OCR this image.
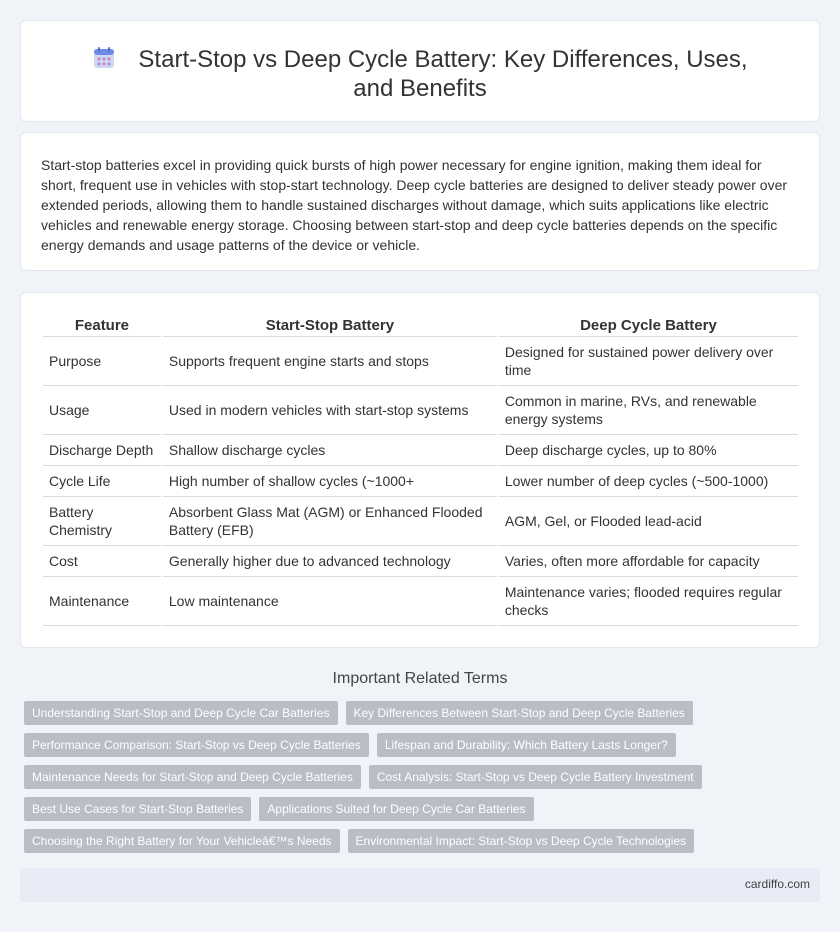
Start-Stop vs Deep Cycle Battery: Key Differences, Uses, and Benefits

Start-stop batteries excel in providing quick bursts of high power necessary for engine ignition, making them ideal for short, frequent use in vehicles with stop-start technology. Deep cycle batteries are designed to deliver steady power over extended periods, allowing them to handle sustained discharges without damage, which suits applications like electric vehicles and renewable energy storage. Choosing between start-stop and deep cycle batteries depends on the specific energy demands and usage patterns of the device or vehicle.

Feature	Start-Stop Battery	Deep Cycle Battery
Purpose	Supports frequent engine starts and stops	Designed for sustained power delivery over time
Usage	Used in modern vehicles with start-stop systems	Common in marine, RVs, and renewable energy systems
Discharge Depth	Shallow discharge cycles	Deep discharge cycles, up to 80%
Cycle Life	High number of shallow cycles (~1000+	Lower number of deep cycles (~500-1000)
Battery Chemistry	Absorbent Glass Mat (AGM) or Enhanced Flooded Battery (EFB)	AGM, Gel, or Flooded lead-acid
Cost	Generally higher due to advanced technology	Varies, often more affordable for capacity
Maintenance	Low maintenance	Maintenance varies; flooded requires regular checks
Important Related Terms
Understanding Start-Stop and Deep Cycle Car Batteries	Key Differences Between Start-Stop and Deep Cycle Batteries
Performance Comparison: Start-Stop vs Deep Cycle Batteries	Lifespan and Durability: Which Battery Lasts Longer?
Maintenance Needs for Start-Stop and Deep Cycle Batteries	Cost Analysis: Start-Stop vs Deep Cycle Battery Investment
Best Use Cases for Start-Stop Batteries	Applications Suited for Deep Cycle Car Batteries
Choosing the Right Battery for Your Vehicleâ€™s Needs	Environmental Impact: Start-Stop vs Deep Cycle Technologies
cardiffo.com
